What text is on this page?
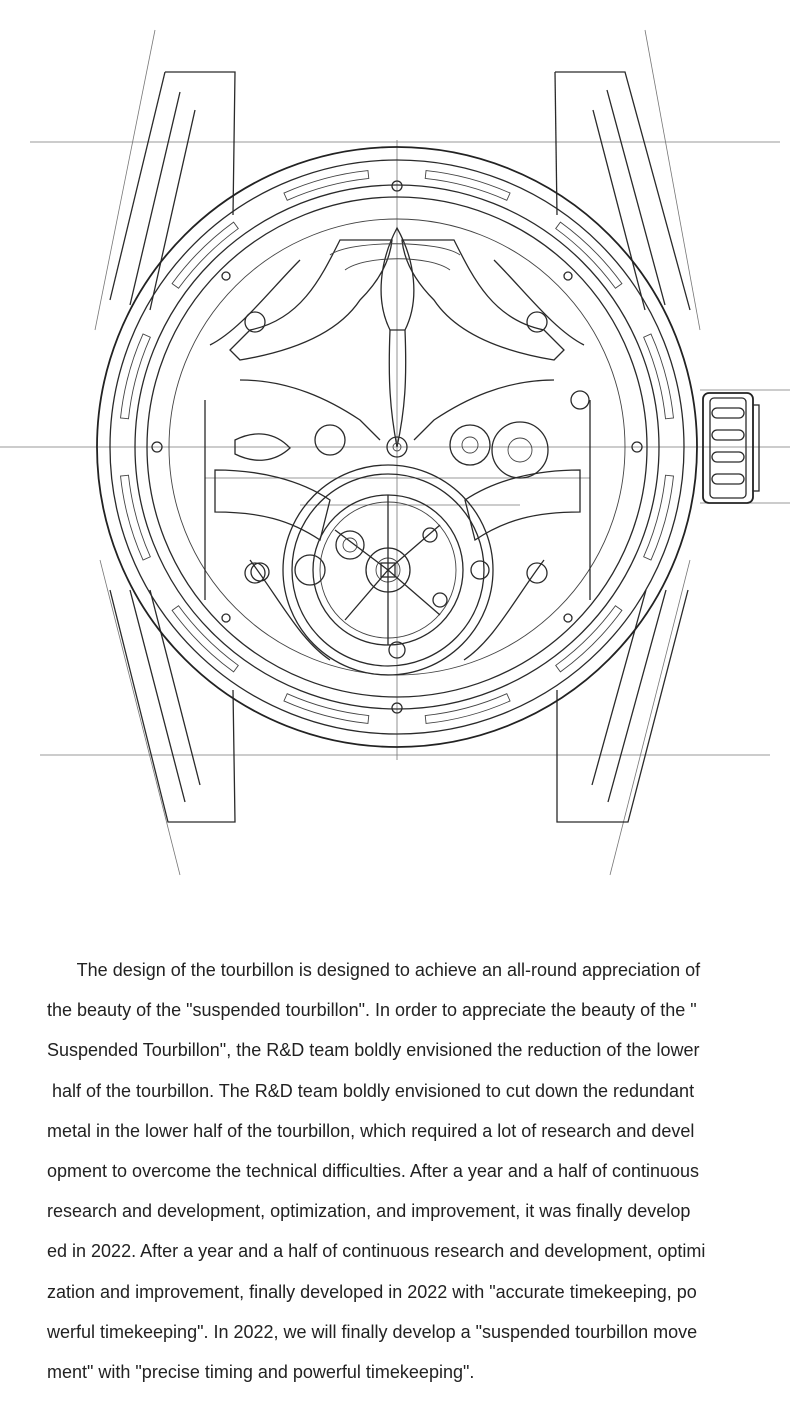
The design of the tourbillon is designed to achieve an all-round appreciation of
the beauty of the "suspended tourbillon". In order to appreciate the beauty of the "
Suspended Tourbillon", the R&D team boldly envisioned the reduction of the lower
half of the tourbillon. The R&D team boldly envisioned to cut down the redundant
metal in the lower half of the tourbillon, which required a lot of research and devel
opment to overcome the technical difficulties. After a year and a half of continuous
research and development, optimization, and improvement, it was finally develop
ed in 2022. After a year and a half of continuous research and development, optimi
zation and improvement, finally developed in 2022 with "accurate timekeeping, po
werful timekeeping". In 2022, we will finally develop a "suspended tourbillon move
ment" with "precise timing and powerful timekeeping".
